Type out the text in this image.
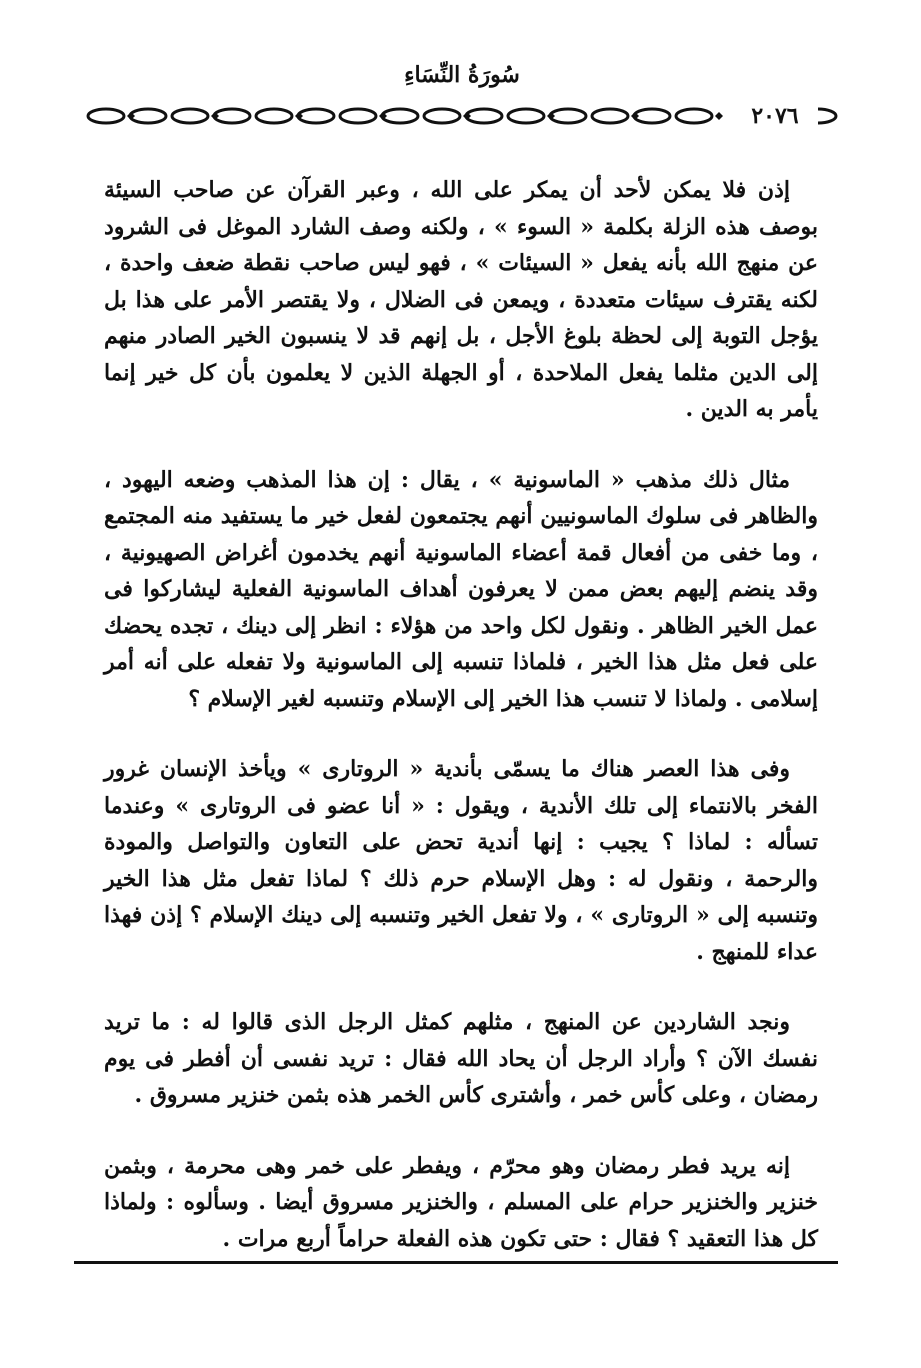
سُورَةُ النِّسَاءِ
٢٠٧٦

إذن فلا يمكن لأحد أن يمكر على الله ، وعبر القرآن عن صاحب السيئة بوصف هذه الزلة بكلمة « السوء » ، ولكنه وصف الشارد الموغل فى الشرود عن منهج الله بأنه يفعل « السيئات » ، فهو ليس صاحب نقطة ضعف واحدة ، لكنه يقترف سيئات متعددة ، ويمعن فى الضلال ، ولا يقتصر الأمر على هذا بل يؤجل التوبة إلى لحظة بلوغ الأجل ، بل إنهم قد لا ينسبون الخير الصادر منهم إلى الدين مثلما يفعل الملاحدة ، أو الجهلة الذين لا يعلمون بأن كل خير إنما يأمر به الدين .

مثال ذلك مذهب « الماسونية » ، يقال : إن هذا المذهب وضعه اليهود ، والظاهر فى سلوك الماسونيين أنهم يجتمعون لفعل خير ما يستفيد منه المجتمع ، وما خفى من أفعال قمة أعضاء الماسونية أنهم يخدمون أغراض الصهيونية ، وقد ينضم إليهم بعض ممن لا يعرفون أهداف الماسونية الفعلية ليشاركوا فى عمل الخير الظاهر . ونقول لكل واحد من هؤلاء : انظر إلى دينك ، تجده يحضك على فعل مثل هذا الخير ، فلماذا تنسبه إلى الماسونية ولا تفعله على أنه أمر إسلامى . ولماذا لا تنسب هذا الخير إلى الإسلام وتنسبه لغير الإسلام ؟

وفى هذا العصر هناك ما يسمّى بأندية « الروتارى » ويأخذ الإنسان غرور الفخر بالانتماء إلى تلك الأندية ، ويقول : « أنا عضو فى الروتارى » وعندما تسأله : لماذا ؟ يجيب : إنها أندية تحض على التعاون والتواصل والمودة والرحمة ، ونقول له : وهل الإسلام حرم ذلك ؟ لماذا تفعل مثل هذا الخير وتنسبه إلى « الروتارى » ، ولا تفعل الخير وتنسبه إلى دينك الإسلام ؟ إذن فهذا عداء للمنهج .

ونجد الشاردين عن المنهج ، مثلهم كمثل الرجل الذى قالوا له : ما تريد نفسك الآن ؟ وأراد الرجل أن يحاد الله فقال : تريد نفسى أن أفطر فى يوم رمضان ، وعلى كأس خمر ، وأشترى كأس الخمر هذه بثمن خنزير مسروق .

إنه يريد فطر رمضان وهو محرّم ، ويفطر على خمر وهى محرمة ، وبثمن خنزير والخنزير حرام على المسلم ، والخنزير مسروق أيضا . وسألوه : ولماذا كل هذا التعقيد ؟ فقال : حتى تكون هذه الفعلة حراماً أربع مرات .
